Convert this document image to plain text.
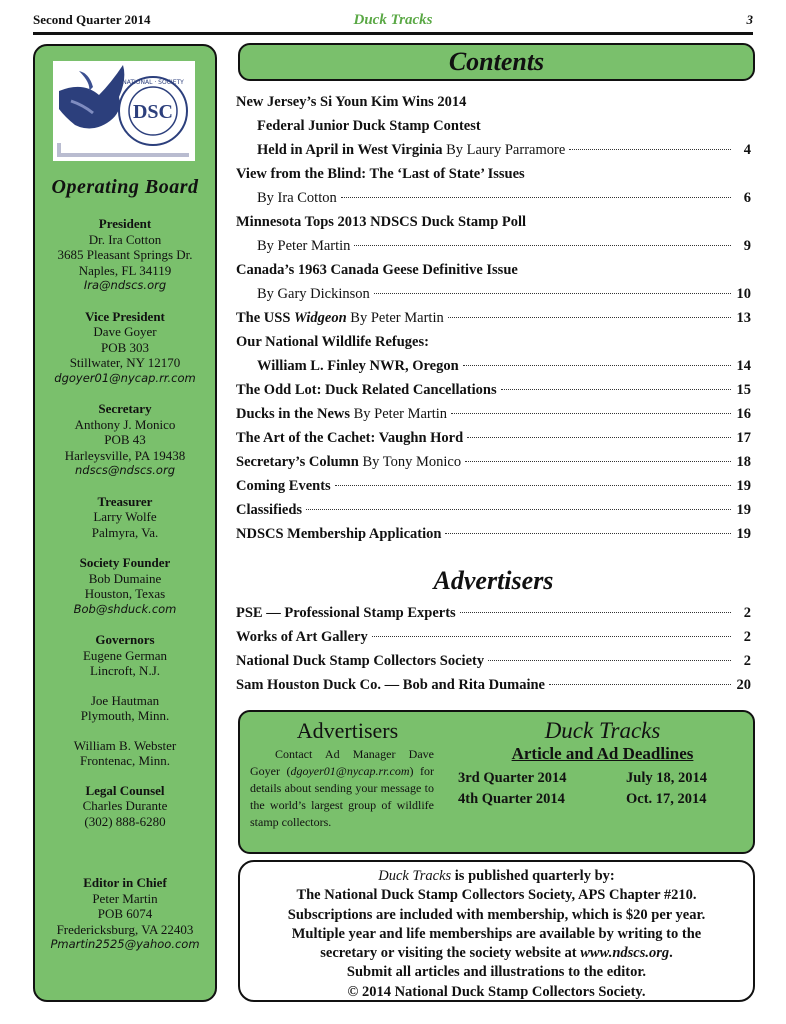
Second Quarter 2014	Duck Tracks	3
DSC
NATIONAL · SOCIETY
Operating Board
President
Dr. Ira Cotton
3685 Pleasant Springs Dr.
Naples, FL 34119
Ira@ndscs.org
Vice President
Dave Goyer
POB 303
Stillwater, NY 12170
dgoyer01@nycap.rr.com
Secretary
Anthony J. Monico
POB 43
Harleysville, PA 19438
ndscs@ndscs.org
Treasurer
Larry Wolfe
Palmyra, Va.
Society Founder
Bob Dumaine
Houston, Texas
Bob@shduck.com
Governors
Eugene German
Lincroft, N.J.
Joe Hautman
Plymouth, Minn.
William B. Webster
Frontenac, Minn.
Legal Counsel
Charles Durante
(302) 888-6280
Editor in Chief
Peter Martin
POB 6074
Fredericksburg, VA 22403
Pmartin2525@yahoo.com
Contents
New Jersey’s Si Youn Kim Wins 2014
Federal Junior Duck Stamp Contest
Held in April in West Virginia By Laury Parramore	4
View from the Blind: The ‘Last of State’ Issues
By Ira Cotton	6
Minnesota Tops 2013 NDSCS Duck Stamp Poll
By Peter Martin	9
Canada’s 1963 Canada Geese Definitive Issue
By Gary Dickinson	10
The USS Widgeon By Peter Martin	13
Our National Wildlife Refuges:
William L. Finley NWR, Oregon	14
The Odd Lot: Duck Related Cancellations	15
Ducks in the News By Peter Martin	16
The Art of the Cachet: Vaughn Hord	17
Secretary’s Column By Tony Monico	18
Coming Events	19
Classifieds	19
NDSCS Membership Application	19
Advertisers
PSE — Professional Stamp Experts	2
Works of Art Gallery	2
National Duck Stamp Collectors Society	2
Sam Houston Duck Co. — Bob and Rita Dumaine	20
Advertisers
Contact Ad Manager Dave Goyer (dgoyer01@nycap.rr.com) for details about sending your message to the world’s largest group of wildlife stamp collectors.
Duck Tracks
Article and Ad Deadlines
3rd Quarter 2014	July 18, 2014
4th Quarter 2014	Oct. 17, 2014
Duck Tracks is published quarterly by:
The National Duck Stamp Collectors Society, APS Chapter #210.
Subscriptions are included with membership, which is $20 per year.
Multiple year and life memberships are available by writing to the
secretary or visiting the society website at www.ndscs.org.
Submit all articles and illustrations to the editor.
© 2014 National Duck Stamp Collectors Society.
